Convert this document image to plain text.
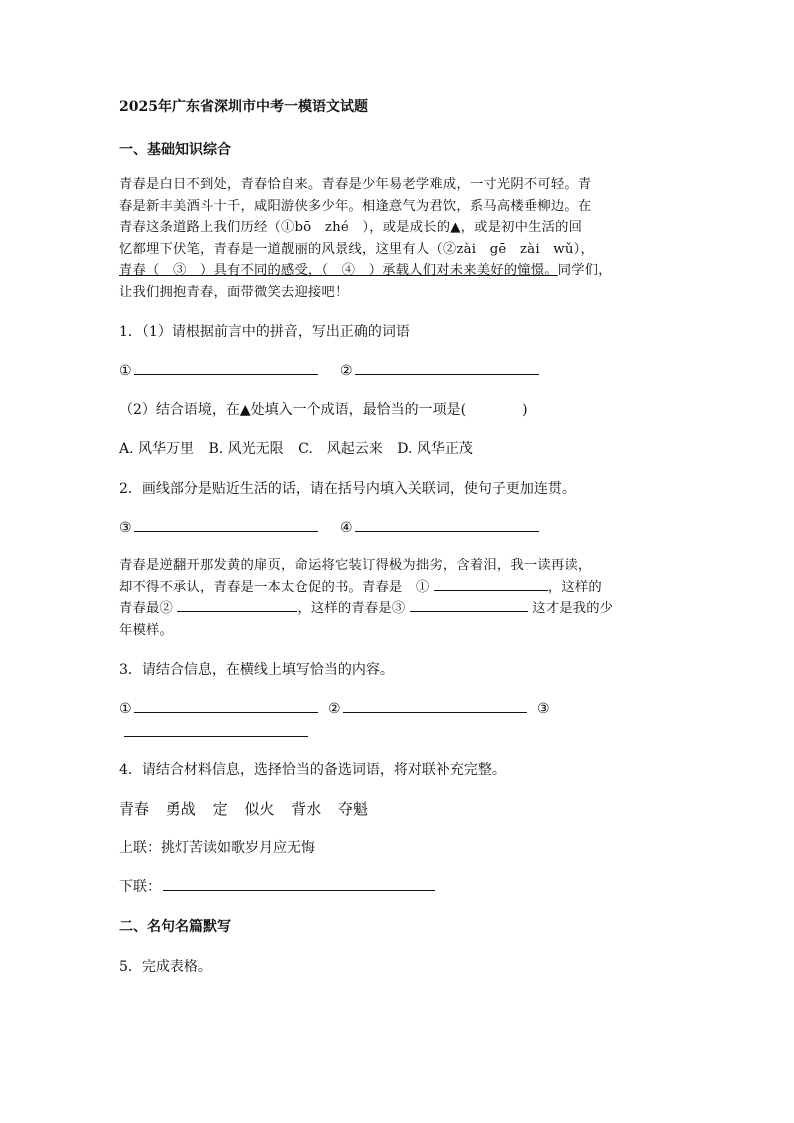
2025年广东省深圳市中考一模语文试题
一、基础知识综合
青春是白日不到处，青春恰自来。青春是少年易老学难成，一寸光阴不可轻。青
春是新丰美酒斗十千，咸阳游侠多少年。相逢意气为君饮，系马高楼垂柳边。在
青春这条道路上我们历经（①bō　zhé　），或是成长的▲，或是初中生活的回
忆都埋下伏笔，青春是一道靓丽的风景线，这里有人（②zài　gē　zài　wǔ），
青春（　③　）具有不同的感受，（　④　）承载人们对未来美好的憧憬。同学们，
让我们拥抱青春，面带微笑去迎接吧！
1．（1）请根据前言中的拼音，写出正确的词语
①	②
（2）结合语境，在▲处填入一个成语，最恰当的一项是(　　　　)
A. 风华万里 B. 风光无限 C.　风起云来 D. 风华正茂
2．画线部分是贴近生活的话，请在括号内填入关联词，使句子更加连贯。
③	④
青春是逆翻开那发黄的扉页，命运将它装订得极为拙劣，含着泪，我一读再读，
却不得不承认，青春是一本太仓促的书。青春是　①	，这样的
青春最②	，这样的青春是③	这才是我的少
年模样。
3．请结合信息，在横线上填写恰当的内容。
①	②	③
4．请结合材料信息，选择恰当的备选词语，将对联补充完整。
青春 勇战 定 似火 背水 夺魁
上联：挑灯苦读如歌岁月应无悔
下联：
二、名句名篇默写
5．完成表格。
